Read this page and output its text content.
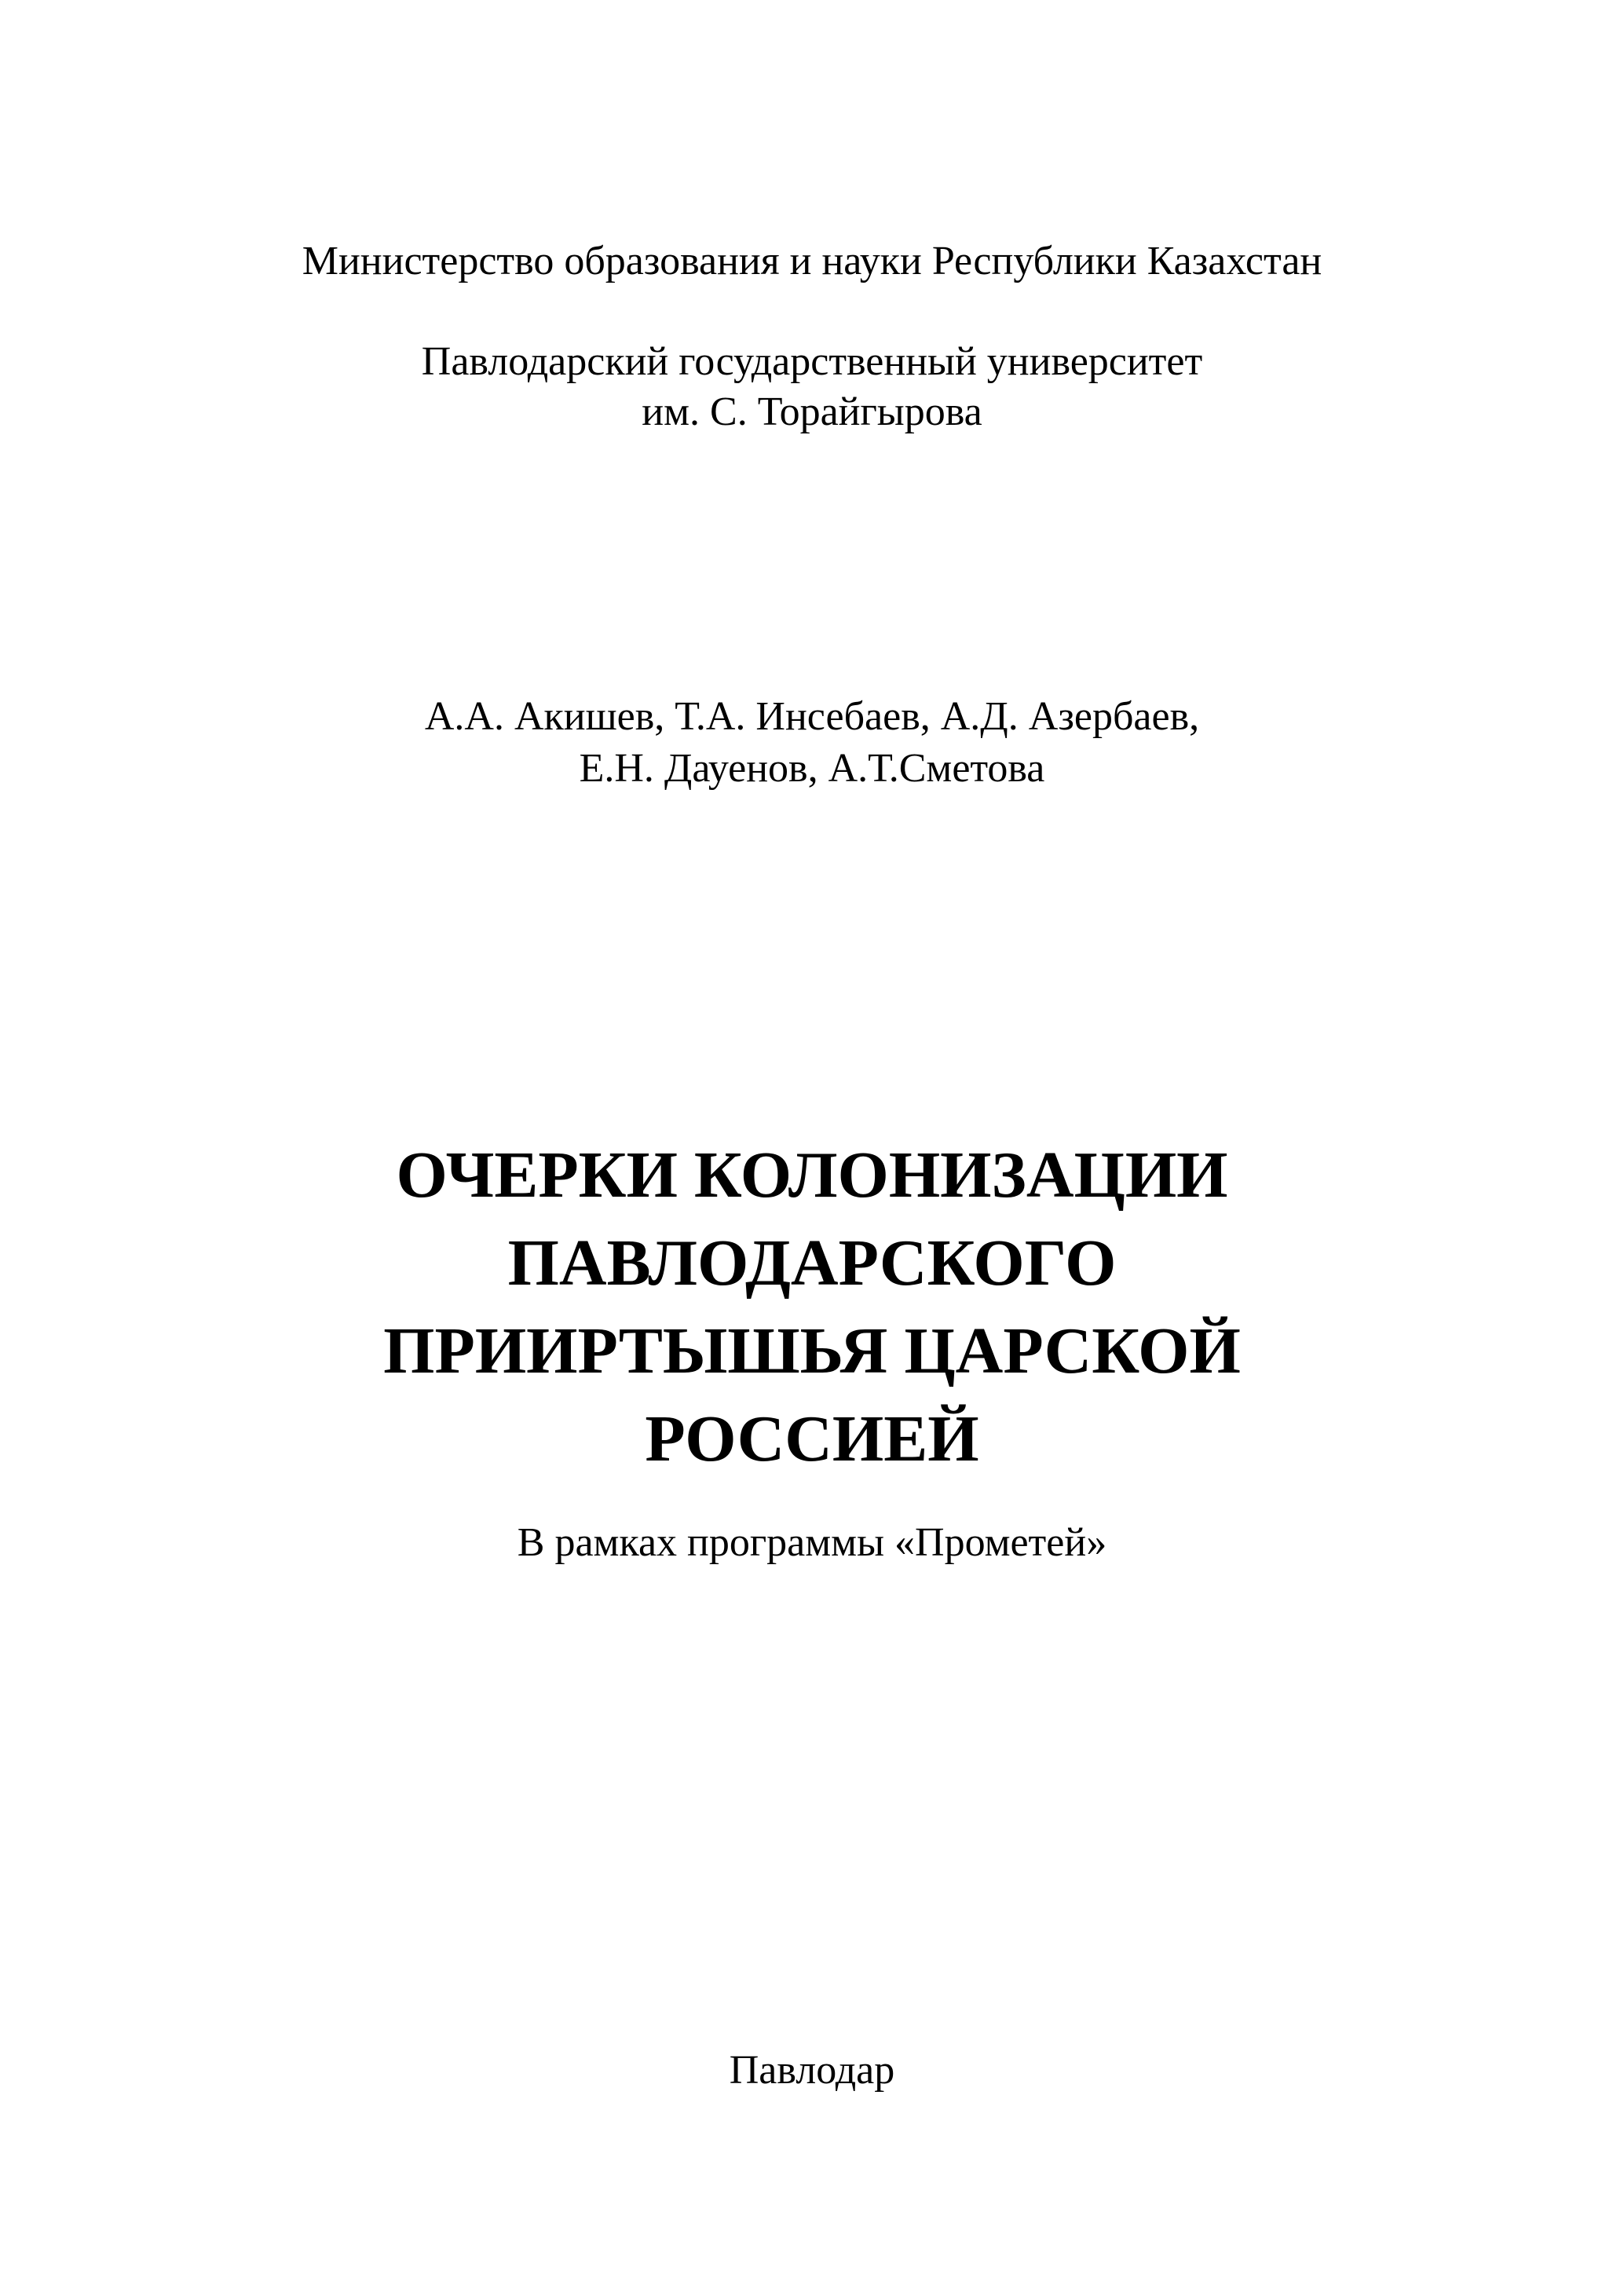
Министерство образования и науки Республики Казахстан
Павлодарский государственный университет
им. С. Торайгырова
А.А. Акишев, Т.А. Инсебаев, А.Д. Азербаев,
Е.Н. Дауенов, А.Т.Сметова
ОЧЕРКИ КОЛОНИЗАЦИИ
ПАВЛОДАРСКОГО
ПРИИРТЫШЬЯ ЦАРСКОЙ
РОССИЕЙ
В рамках программы «Прометей»
Павлодар
